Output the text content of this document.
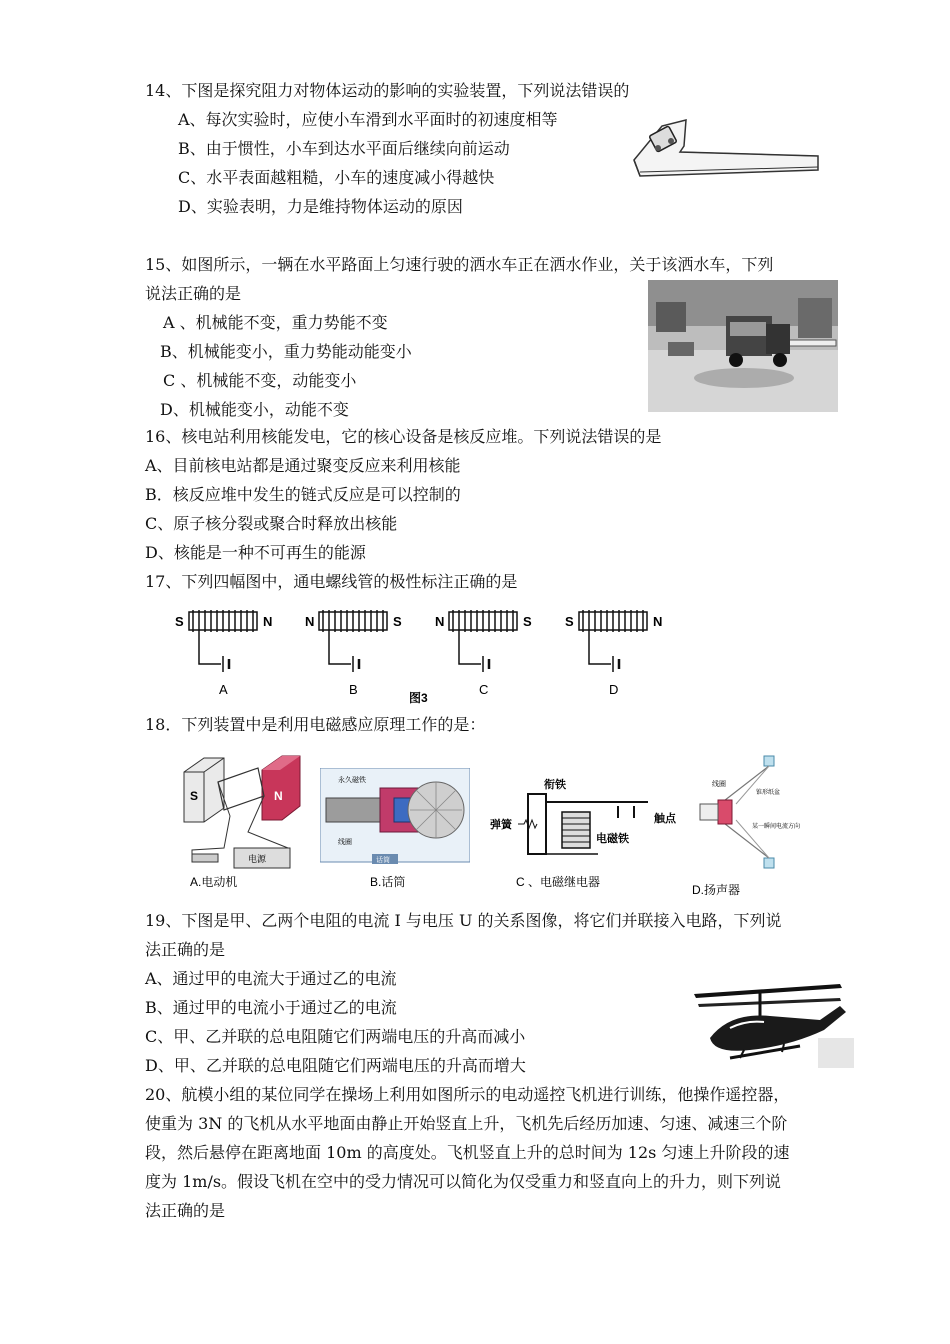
14、下图是探究阻力对物体运动的影响的实验装置，下列说法错误的
A、每次实验时，应使小车滑到水平面时的初速度相等
B、由于惯性，小车到达水平面后继续向前运动
C、水平表面越粗糙，小车的速度减小得越快
D、实验表明，力是维持物体运动的原因
15、如图所示，一辆在水平路面上匀速行驶的洒水车正在洒水作业，关于该洒水车，下列
说法正确的是
A 、机械能不变，重力势能不变
B、机械能变小，重力势能动能变小
C 、机械能不变，动能变小
D、机械能变小，动能不变
16、核电站利用核能发电，它的核心设备是核反应堆。下列说法错误的是
A、目前核电站都是通过聚变反应来利用核能
B．核反应堆中发生的链式反应是可以控制的
C、原子核分裂或聚合时释放出核能
D、核能是一种不可再生的能源
17、下列四幅图中，通电螺线管的极性标注正确的是
S	N
A
N	S
B
N	S
C
S	N
D
图3
18．下列装置中是利用电磁感应原理工作的是：
S	N
电源
A.电动机
永久磁铁
线圈
话筒
B.话筒
衔铁
弹簧	触点
电磁铁
C 、电磁继电器
线圈
锥形纸盆
某一瞬间电流方向
D.扬声器
19、下图是甲、乙两个电阻的电流 I 与电压 U 的关系图像，将它们并联接入电路，下列说
法正确的是
A、通过甲的电流大于通过乙的电流
B、通过甲的电流小于通过乙的电流
C、甲、乙并联的总电阻随它们两端电压的升高而减小
D、甲、乙并联的总电阻随它们两端电压的升高而增大
20、航模小组的某位同学在操场上利用如图所示的电动遥控飞机进行训练，他操作遥控器，
使重为 3N 的飞机从水平地面由静止开始竖直上升，飞机先后经历加速、匀速、减速三个阶
段，然后悬停在距离地面 10m 的高度处。飞机竖直上升的总时间为 12s 匀速上升阶段的速
度为 1m/s。假设飞机在空中的受力情况可以简化为仅受重力和竖直向上的升力，则下列说
法正确的是
